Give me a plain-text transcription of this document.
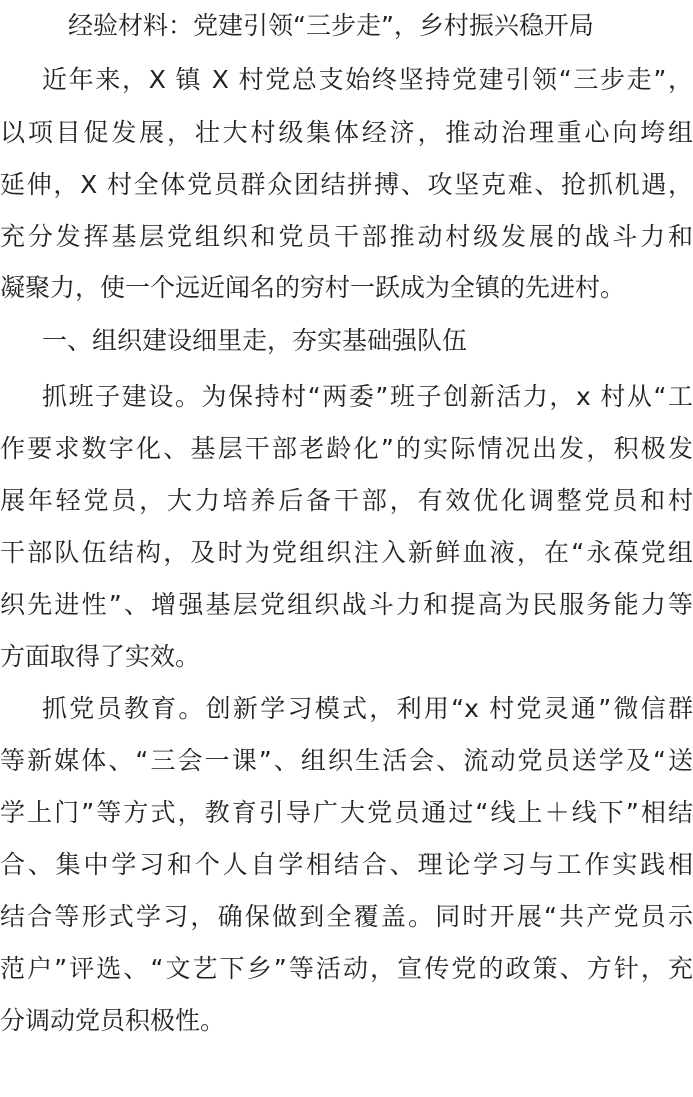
经验材料：党建引领“三步走”，乡村振兴稳开局
近年来，X 镇 X 村党总支始终坚持党建引领“三步走”，
以项目促发展，壮大村级集体经济，推动治理重心向垮组
延伸，X 村全体党员群众团结拼搏、攻坚克难、抢抓机遇，
充分发挥基层党组织和党员干部推动村级发展的战斗力和
凝聚力，使一个远近闻名的穷村一跃成为全镇的先进村。
一、组织建设细里走，夯实基础强队伍
抓班子建设。为保持村“两委”班子创新活力，x 村从“工
作要求数字化、基层干部老龄化”的实际情况出发，积极发
展年轻党员，大力培养后备干部，有效优化调整党员和村
干部队伍结构，及时为党组织注入新鲜血液，在“永葆党组
织先进性”、增强基层党组织战斗力和提高为民服务能力等
方面取得了实效。
抓党员教育。创新学习模式，利用“x 村党灵通”微信群
等新媒体、“三会一课”、组织生活会、流动党员送学及“送
学上门”等方式，教育引导广大党员通过“线上＋线下”相结
合、集中学习和个人自学相结合、理论学习与工作实践相
结合等形式学习，确保做到全覆盖。同时开展“共产党员示
范户”评选、“文艺下乡”等活动，宣传党的政策、方针，充
分调动党员积极性。
